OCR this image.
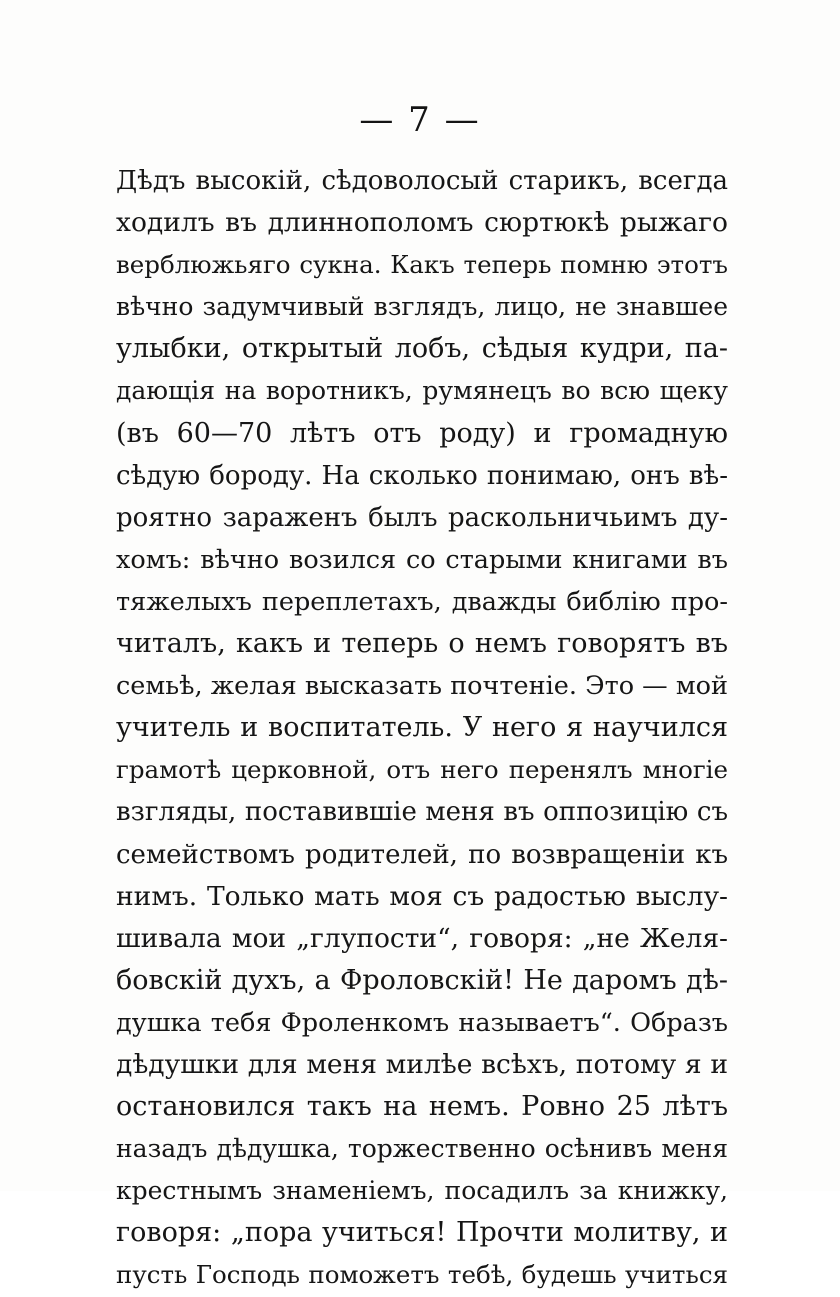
— 7 —
Дѣдъ высокій, сѣдоволосый старикъ, всегда
ходилъ въ длиннополомъ сюртюкѣ рыжаго
верблюжьяго сукна. Какъ теперь помню этотъ
вѣчно задумчивый взглядъ, лицо, не знавшее
улыбки, открытый лобъ, сѣдыя кудри, па-
дающія на воротникъ, румянецъ во всю щеку
(въ 60—70 лѣтъ отъ роду) и громадную
сѣдую бороду. На сколько понимаю, онъ вѣ-
роятно зараженъ былъ раскольничьимъ ду-
хомъ: вѣчно возился со старыми книгами въ
тяжелыхъ переплетахъ, дважды библію про-
читалъ, какъ и теперь о немъ говорятъ въ
семьѣ, желая высказать почтеніе. Это — мой
учитель и воспитатель. У него я научился
грамотѣ церковной, отъ него перенялъ многіе
взгляды, поставившіе меня въ оппозицію съ
семействомъ родителей, по возвращеніи къ
нимъ. Только мать моя съ радостью выслу-
шивала мои „глупости“, говоря: „не Желя-
бовскій духъ, а Фроловскій! Не даромъ дѣ-
душка тебя Фроленкомъ называетъ“. Образъ
дѣдушки для меня милѣе всѣхъ, потому я и
остановился такъ на немъ. Ровно 25 лѣтъ
назадъ дѣдушка, торжественно осѣнивъ меня
крестнымъ знаменіемъ, посадилъ за книжку,
говоря: „пора учиться! Прочти молитву, и
пусть Господь поможетъ тебѣ, будешь учиться
